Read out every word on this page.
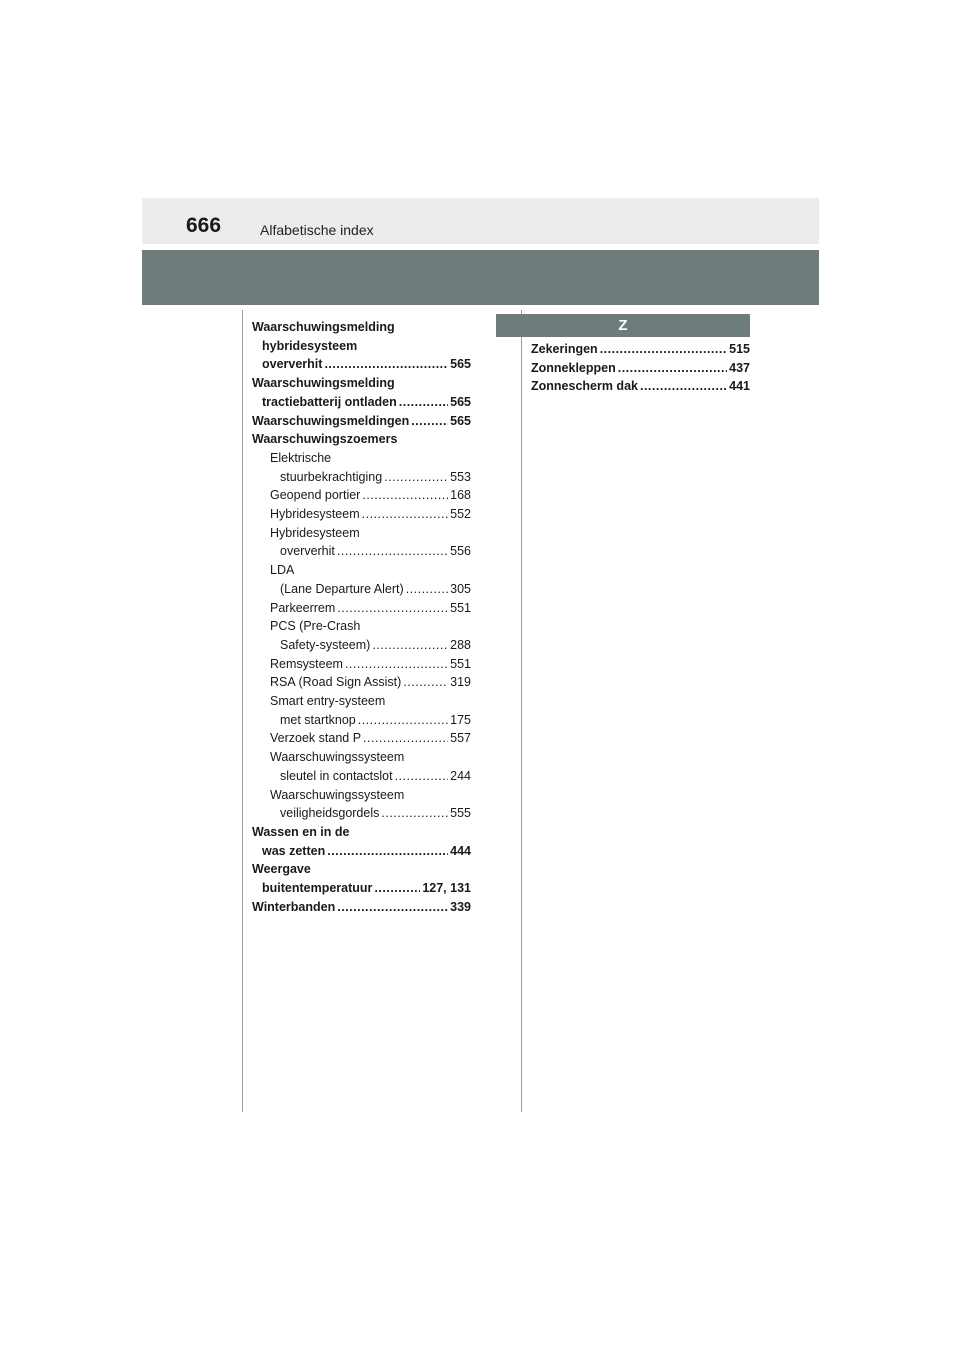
666	Alfabetische index
Waarschuwingsmelding
hybridesysteem
oververhit .....	565
Waarschuwingsmelding
tractiebatterij ontladen .....	565
Waarschuwingsmeldingen .....	565
Waarschuwingszoemers
Elektrische
stuurbekrachtiging .....	553
Geopend portier .....	168
Hybridesysteem .....	552
Hybridesysteem
oververhit .....	556
LDA
(Lane Departure Alert) .....	305
Parkeerrem .....	551
PCS (Pre-Crash
Safety-systeem) .....	288
Remsysteem .....	551
RSA (Road Sign Assist) .....	319
Smart entry-systeem
met startknop .....	175
Verzoek stand P .....	557
Waarschuwingssysteem
sleutel in contactslot .....	244
Waarschuwingssysteem
veiligheidsgordels .....	555
Wassen en in de
was zetten .....	444
Weergave
buitentemperatuur .....	127, 131
Winterbanden .....	339
Z
Zekeringen .....	515
Zonnekleppen .....	437
Zonnescherm dak .....	441
